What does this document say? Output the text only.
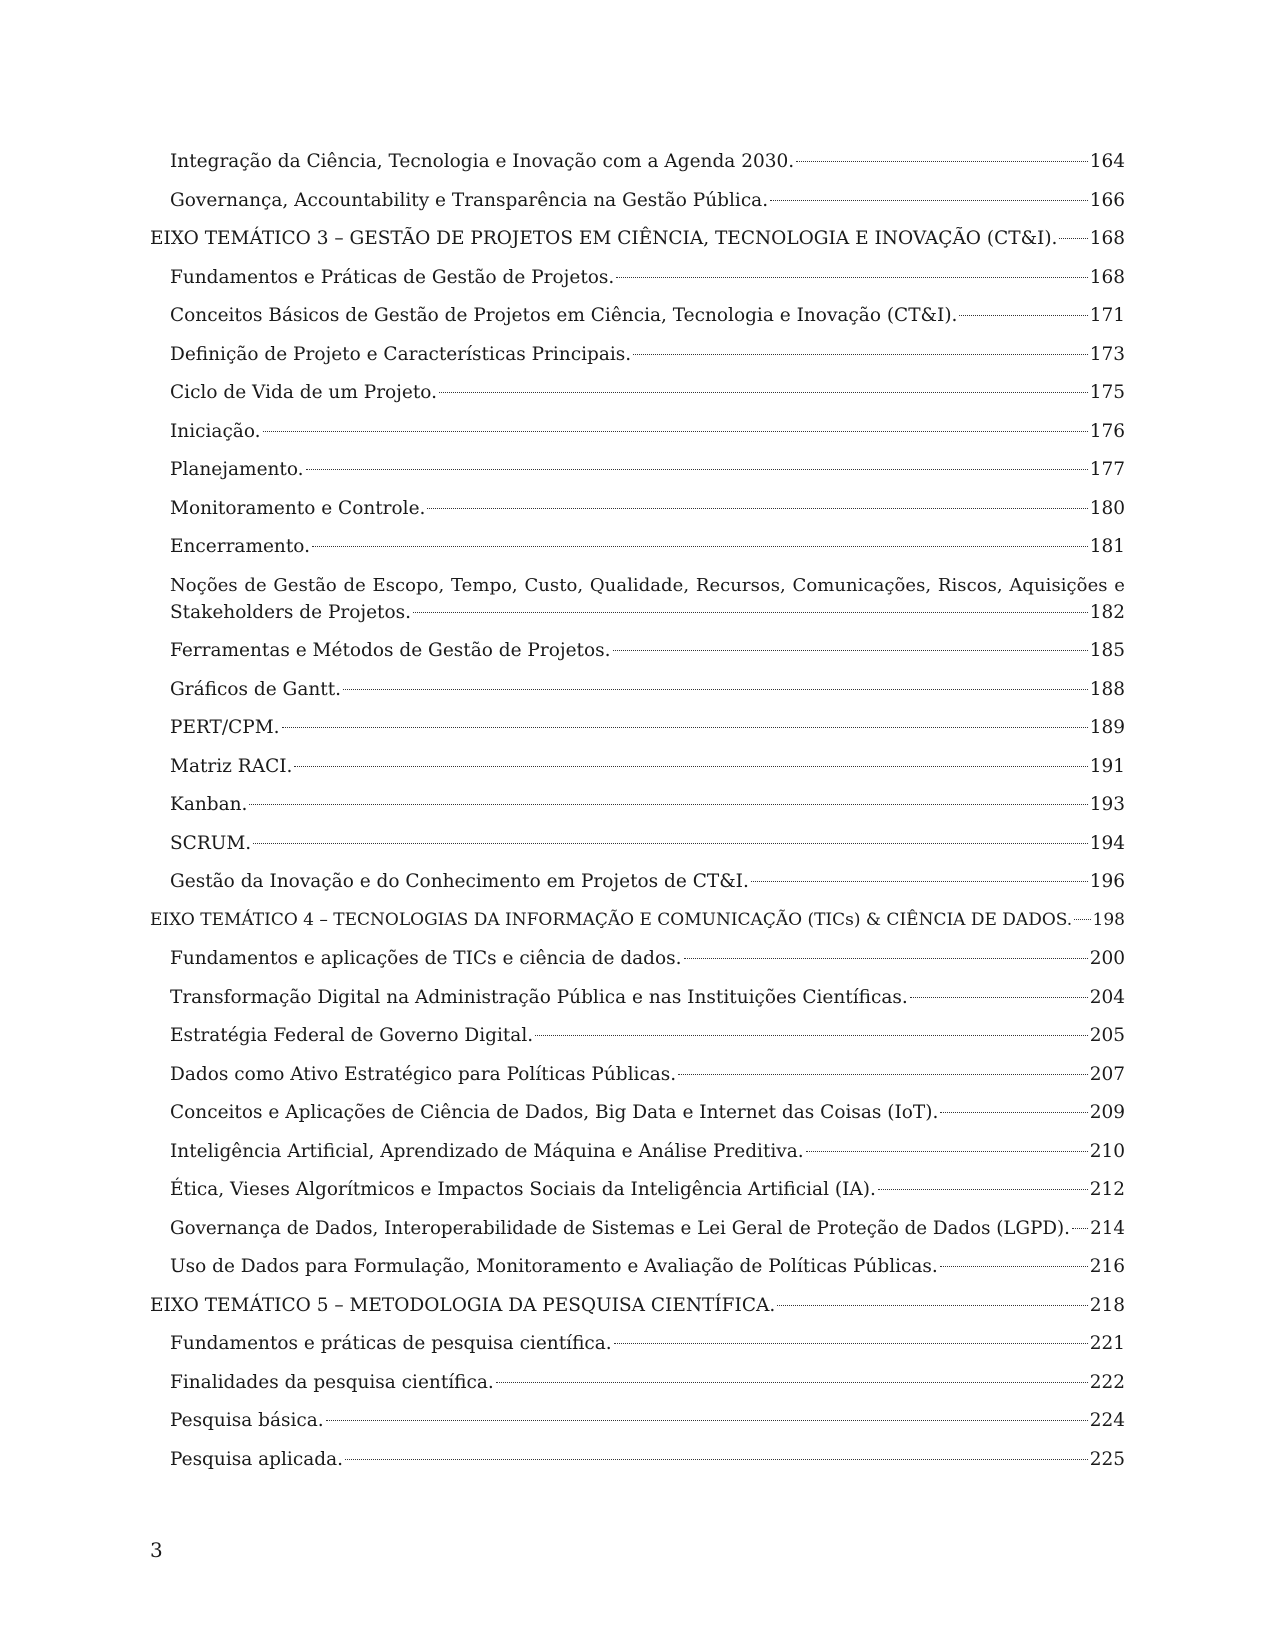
Integração da Ciência, Tecnologia e Inovação com a Agenda 2030.	164
Governança, Accountability e Transparência na Gestão Pública.	166
EIXO TEMÁTICO 3 – GESTÃO DE PROJETOS EM CIÊNCIA, TECNOLOGIA E INOVAÇÃO (CT&I). 168
Fundamentos e Práticas de Gestão de Projetos.	168
Conceitos Básicos de Gestão de Projetos em Ciência, Tecnologia e Inovação (CT&I).	171
Definição de Projeto e Características Principais.	173
Ciclo de Vida de um Projeto.	175
Iniciação.	176
Planejamento.	177
Monitoramento e Controle.	180
Encerramento.	181
Noções de Gestão de Escopo, Tempo, Custo, Qualidade, Recursos, Comunicações, Riscos, Aquisições e
Stakeholders de Projetos.	182
Ferramentas e Métodos de Gestão de Projetos.	185
Gráficos de Gantt.	188
PERT/CPM.	189
Matriz RACI.	191
Kanban.	193
SCRUM.	194
Gestão da Inovação e do Conhecimento em Projetos de CT&I.	196
EIXO TEMÁTICO 4 – TECNOLOGIAS DA INFORMAÇÃO E COMUNICAÇÃO (TICs) & CIÊNCIA DE DADOS. 198
Fundamentos e aplicações de TICs e ciência de dados.	200
Transformação Digital na Administração Pública e nas Instituições Científicas.	204
Estratégia Federal de Governo Digital.	205
Dados como Ativo Estratégico para Políticas Públicas.	207
Conceitos e Aplicações de Ciência de Dados, Big Data e Internet das Coisas (IoT).	209
Inteligência Artificial, Aprendizado de Máquina e Análise Preditiva.	210
Ética, Vieses Algorítmicos e Impactos Sociais da Inteligência Artificial (IA).	212
Governança de Dados, Interoperabilidade de Sistemas e Lei Geral de Proteção de Dados (LGPD). 214
Uso de Dados para Formulação, Monitoramento e Avaliação de Políticas Públicas.	216
EIXO TEMÁTICO 5 – METODOLOGIA DA PESQUISA CIENTÍFICA.	218
Fundamentos e práticas de pesquisa científica.	221
Finalidades da pesquisa científica.	222
Pesquisa básica.	224
Pesquisa aplicada.	225
3
